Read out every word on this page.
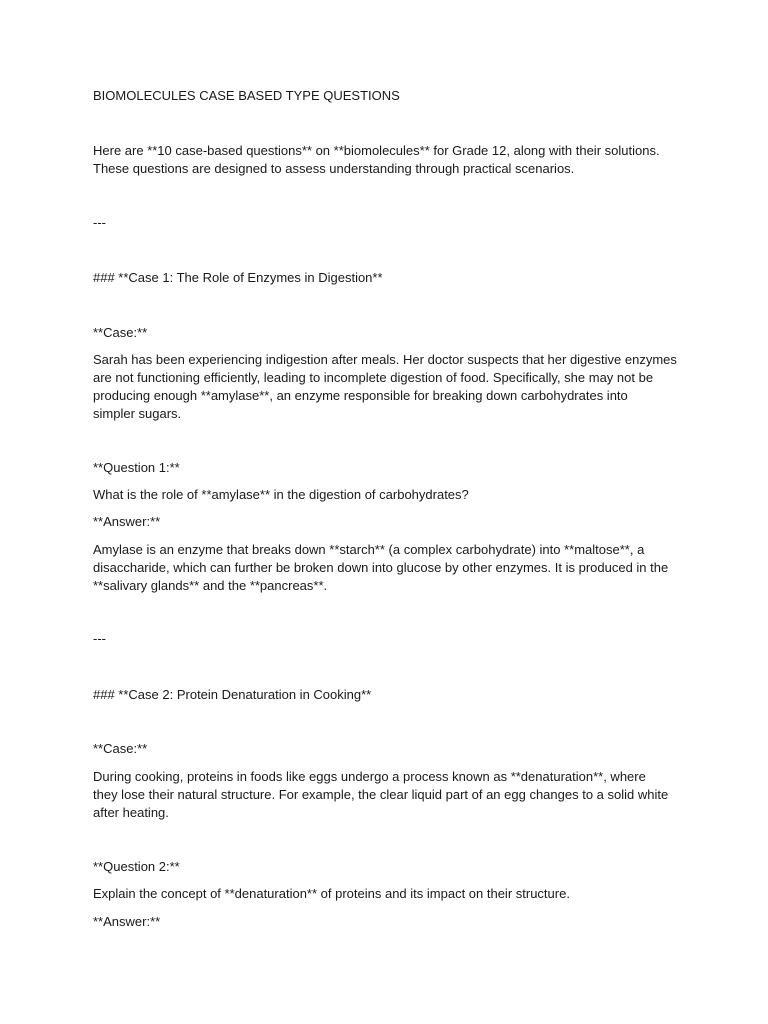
BIOMOLECULES CASE BASED TYPE QUESTIONS

Here are **10 case-based questions** on **biomolecules** for Grade 12, along with their solutions.

These questions are designed to assess understanding through practical scenarios.

---

### **Case 1: The Role of Enzymes in Digestion**

**Case:**

Sarah has been experiencing indigestion after meals. Her doctor suspects that her digestive enzymes

are not functioning efficiently, leading to incomplete digestion of food. Specifically, she may not be

producing enough **amylase**, an enzyme responsible for breaking down carbohydrates into

simpler sugars.

**Question 1:**

What is the role of **amylase** in the digestion of carbohydrates?

**Answer:**

Amylase is an enzyme that breaks down **starch** (a complex carbohydrate) into **maltose**, a

disaccharide, which can further be broken down into glucose by other enzymes. It is produced in the

**salivary glands** and the **pancreas**.

---

### **Case 2: Protein Denaturation in Cooking**

**Case:**

During cooking, proteins in foods like eggs undergo a process known as **denaturation**, where

they lose their natural structure. For example, the clear liquid part of an egg changes to a solid white

after heating.

**Question 2:**

Explain the concept of **denaturation** of proteins and its impact on their structure.

**Answer:**
